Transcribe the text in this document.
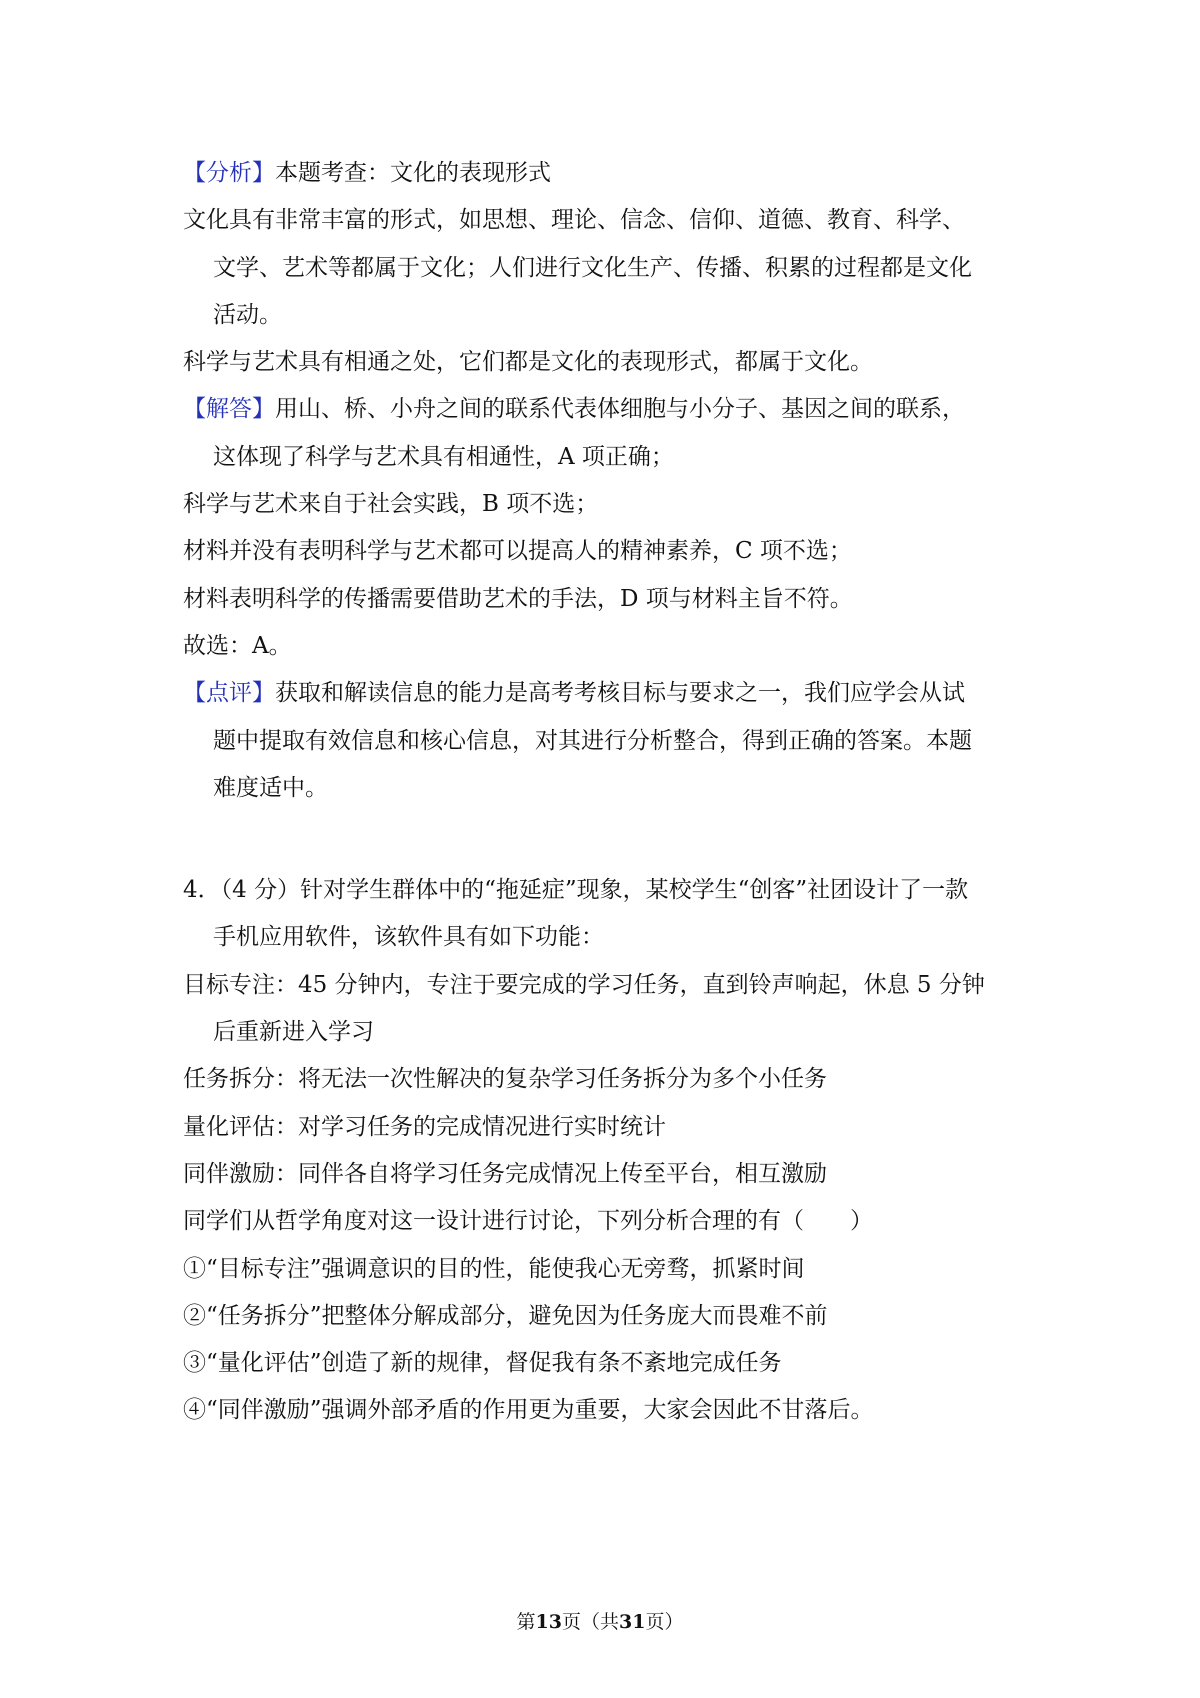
【分析】本题考查：文化的表现形式
文化具有非常丰富的形式，如思想、理论、信念、信仰、道德、教育、科学、
文学、艺术等都属于文化；人们进行文化生产、传播、积累的过程都是文化
活动。
科学与艺术具有相通之处，它们都是文化的表现形式，都属于文化。
【解答】用山、桥、小舟之间的联系代表体细胞与小分子、基因之间的联系，
这体现了科学与艺术具有相通性，A 项正确；
科学与艺术来自于社会实践，B 项不选；
材料并没有表明科学与艺术都可以提高人的精神素养，C 项不选；
材料表明科学的传播需要借助艺术的手法，D 项与材料主旨不符。
故选：A。
【点评】获取和解读信息的能力是高考考核目标与要求之一，我们应学会从试
题中提取有效信息和核心信息，对其进行分析整合，得到正确的答案。本题
难度适中。
4．（4 分）针对学生群体中的“拖延症”现象，某校学生“创客”社团设计了一款
手机应用软件，该软件具有如下功能：
目标专注：45 分钟内，专注于要完成的学习任务，直到铃声响起，休息 5 分钟
后重新进入学习
任务拆分：将无法一次性解决的复杂学习任务拆分为多个小任务
量化评估：对学习任务的完成情况进行实时统计
同伴激励：同伴各自将学习任务完成情况上传至平台，相互激励
同学们从哲学角度对这一设计进行讨论，下列分析合理的有（　　）
①“目标专注”强调意识的目的性，能使我心无旁骛，抓紧时间
②“任务拆分”把整体分解成部分，避免因为任务庞大而畏难不前
③“量化评估”创造了新的规律，督促我有条不紊地完成任务
④“同伴激励”强调外部矛盾的作用更为重要，大家会因此不甘落后。
第13页（共31页）
